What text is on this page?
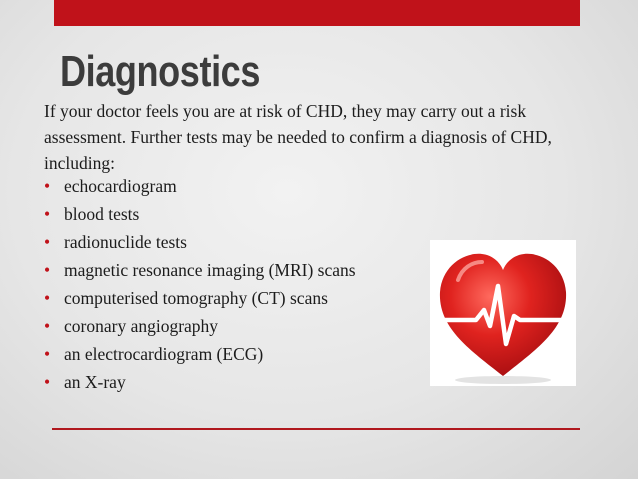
Diagnostics

If your doctor feels you are at risk of CHD, they may carry out a risk assessment. Further tests may be needed to confirm a diagnosis of CHD, including:

• echocardiogram
• blood tests
• radionuclide tests
• magnetic resonance imaging (MRI) scans
• computerised tomography (CT) scans
• coronary angiography
• an electrocardiogram (ECG)
• an X-ray
